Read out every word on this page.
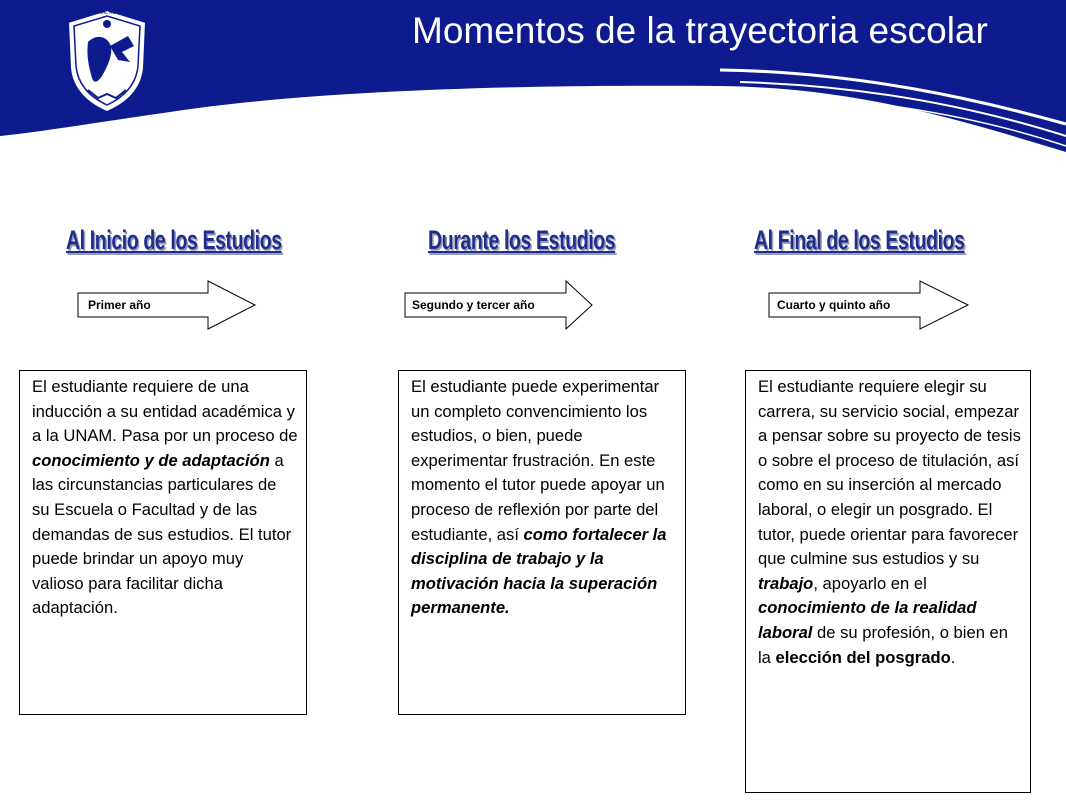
Momentos de la trayectoria escolar
UNIVERSIDAD NACIONAL AUTÓNOMA DE MÉXICO
Al Inicio de los Estudios	Durante los Estudios	Al Final de los Estudios
Primer año	Segundo y tercer año	Cuarto y quinto año

El estudiante requiere de una inducción a su entidad académica y a la UNAM. Pasa por un proceso de conocimiento y de adaptación a las circunstancias particulares de su Escuela o Facultad y de las demandas de sus estudios. El tutor puede brindar un apoyo muy valioso para facilitar dicha adaptación.

El estudiante puede experimentar un completo convencimiento los estudios, o bien, puede experimentar frustración. En este momento el tutor puede apoyar un proceso de reflexión por parte del estudiante, así como fortalecer la disciplina de trabajo y la motivación hacia la superación permanente.

El estudiante requiere elegir su carrera, su servicio social, empezar a pensar sobre su proyecto de tesis o sobre el proceso de titulación, así como en su inserción al mercado laboral, o elegir un posgrado. El tutor, puede orientar para favorecer que culmine sus estudios y su trabajo, apoyarlo en el conocimiento de la realidad laboral de su profesión, o bien en la elección del posgrado.
